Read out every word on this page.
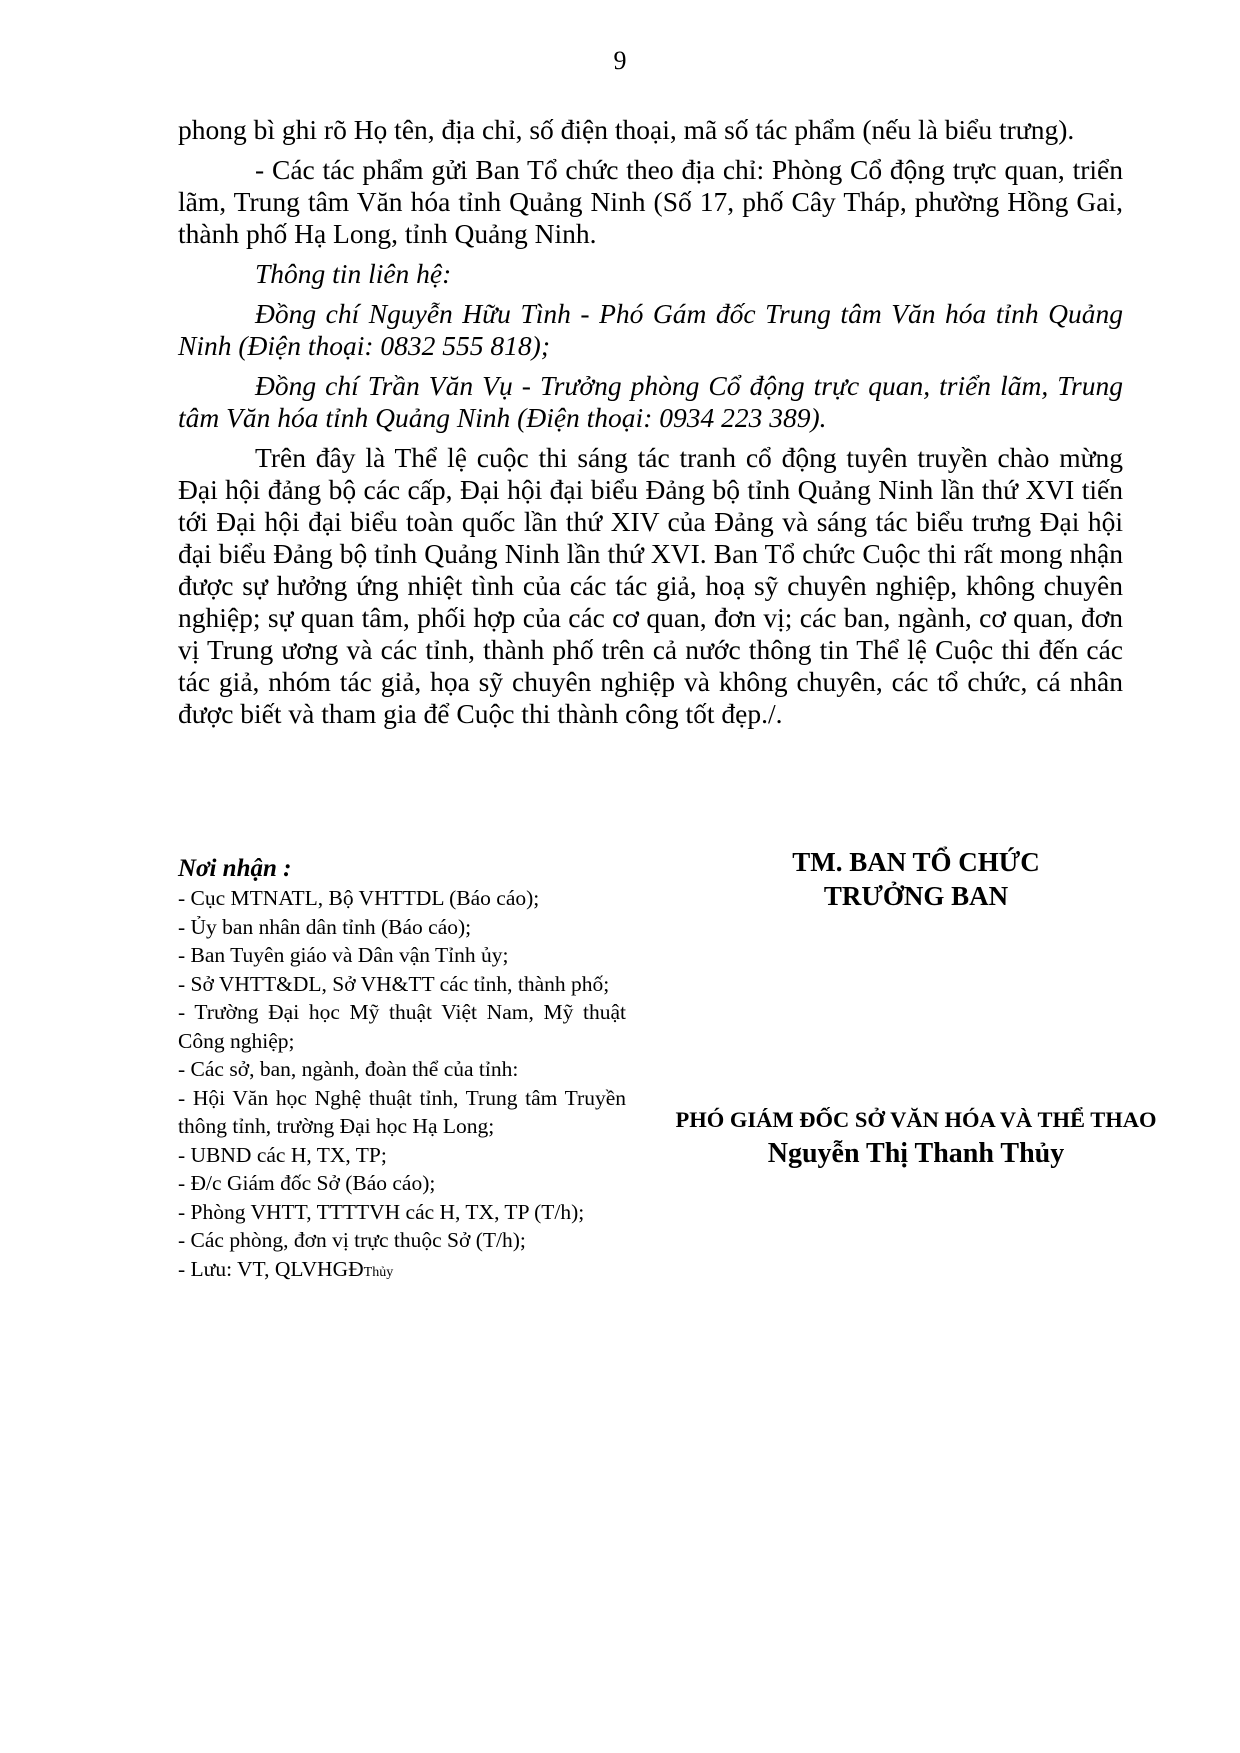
9

phong bì ghi rõ Họ tên, địa chỉ, số điện thoại, mã số tác phẩm (nếu là biểu trưng).

- Các tác phẩm gửi Ban Tổ chức theo địa chỉ: Phòng Cổ động trực quan, triển lãm, Trung tâm Văn hóa tỉnh Quảng Ninh (Số 17, phố Cây Tháp, phường Hồng Gai, thành phố Hạ Long, tỉnh Quảng Ninh.

Thông tin liên hệ:

Đồng chí Nguyễn Hữu Tình - Phó Gám đốc Trung tâm Văn hóa tỉnh Quảng Ninh (Điện thoại: 0832 555 818);

Đồng chí Trần Văn Vụ - Trưởng phòng Cổ động trực quan, triển lãm, Trung tâm Văn hóa tỉnh Quảng Ninh (Điện thoại: 0934 223 389).

Trên đây là Thể lệ cuộc thi sáng tác tranh cổ động tuyên truyền chào mừng Đại hội đảng bộ các cấp, Đại hội đại biểu Đảng bộ tỉnh Quảng Ninh lần thứ XVI tiến tới Đại hội đại biểu toàn quốc lần thứ XIV của Đảng và sáng tác biểu trưng Đại hội đại biểu Đảng bộ tỉnh Quảng Ninh lần thứ XVI. Ban Tổ chức Cuộc thi rất mong nhận được sự hưởng ứng nhiệt tình của các tác giả, hoạ sỹ chuyên nghiệp, không chuyên nghiệp; sự quan tâm, phối hợp của các cơ quan, đơn vị; các ban, ngành, cơ quan, đơn vị Trung ương và các tỉnh, thành phố trên cả nước thông tin Thể lệ Cuộc thi đến các tác giả, nhóm tác giả, họa sỹ chuyên nghiệp và không chuyên, các tổ chức, cá nhân được biết và tham gia để Cuộc thi thành công tốt đẹp./.

Nơi nhận :
- Cục MTNATL, Bộ VHTTDL (Báo cáo);
- Ủy ban nhân dân tỉnh (Báo cáo);
- Ban Tuyên giáo và Dân vận Tỉnh ủy;
- Sở VHTT&DL, Sở VH&TT các tỉnh, thành phố;
- Trường Đại học Mỹ thuật Việt Nam, Mỹ thuật Công nghiệp;
- Các sở, ban, ngành, đoàn thể của tỉnh:
- Hội Văn học Nghệ thuật tỉnh, Trung tâm Truyền thông tỉnh, trường Đại học Hạ Long;
- UBND các H, TX, TP;
- Đ/c Giám đốc Sở (Báo cáo);
- Phòng VHTT, TTTTVH các H, TX, TP (T/h);
- Các phòng, đơn vị trực thuộc Sở (T/h);
- Lưu: VT, QLVHGĐThủy
TM. BAN TỔ CHỨC
TRƯỞNG BAN
PHÓ GIÁM ĐỐC SỞ VĂN HÓA VÀ THỂ THAO
Nguyễn Thị Thanh Thủy
